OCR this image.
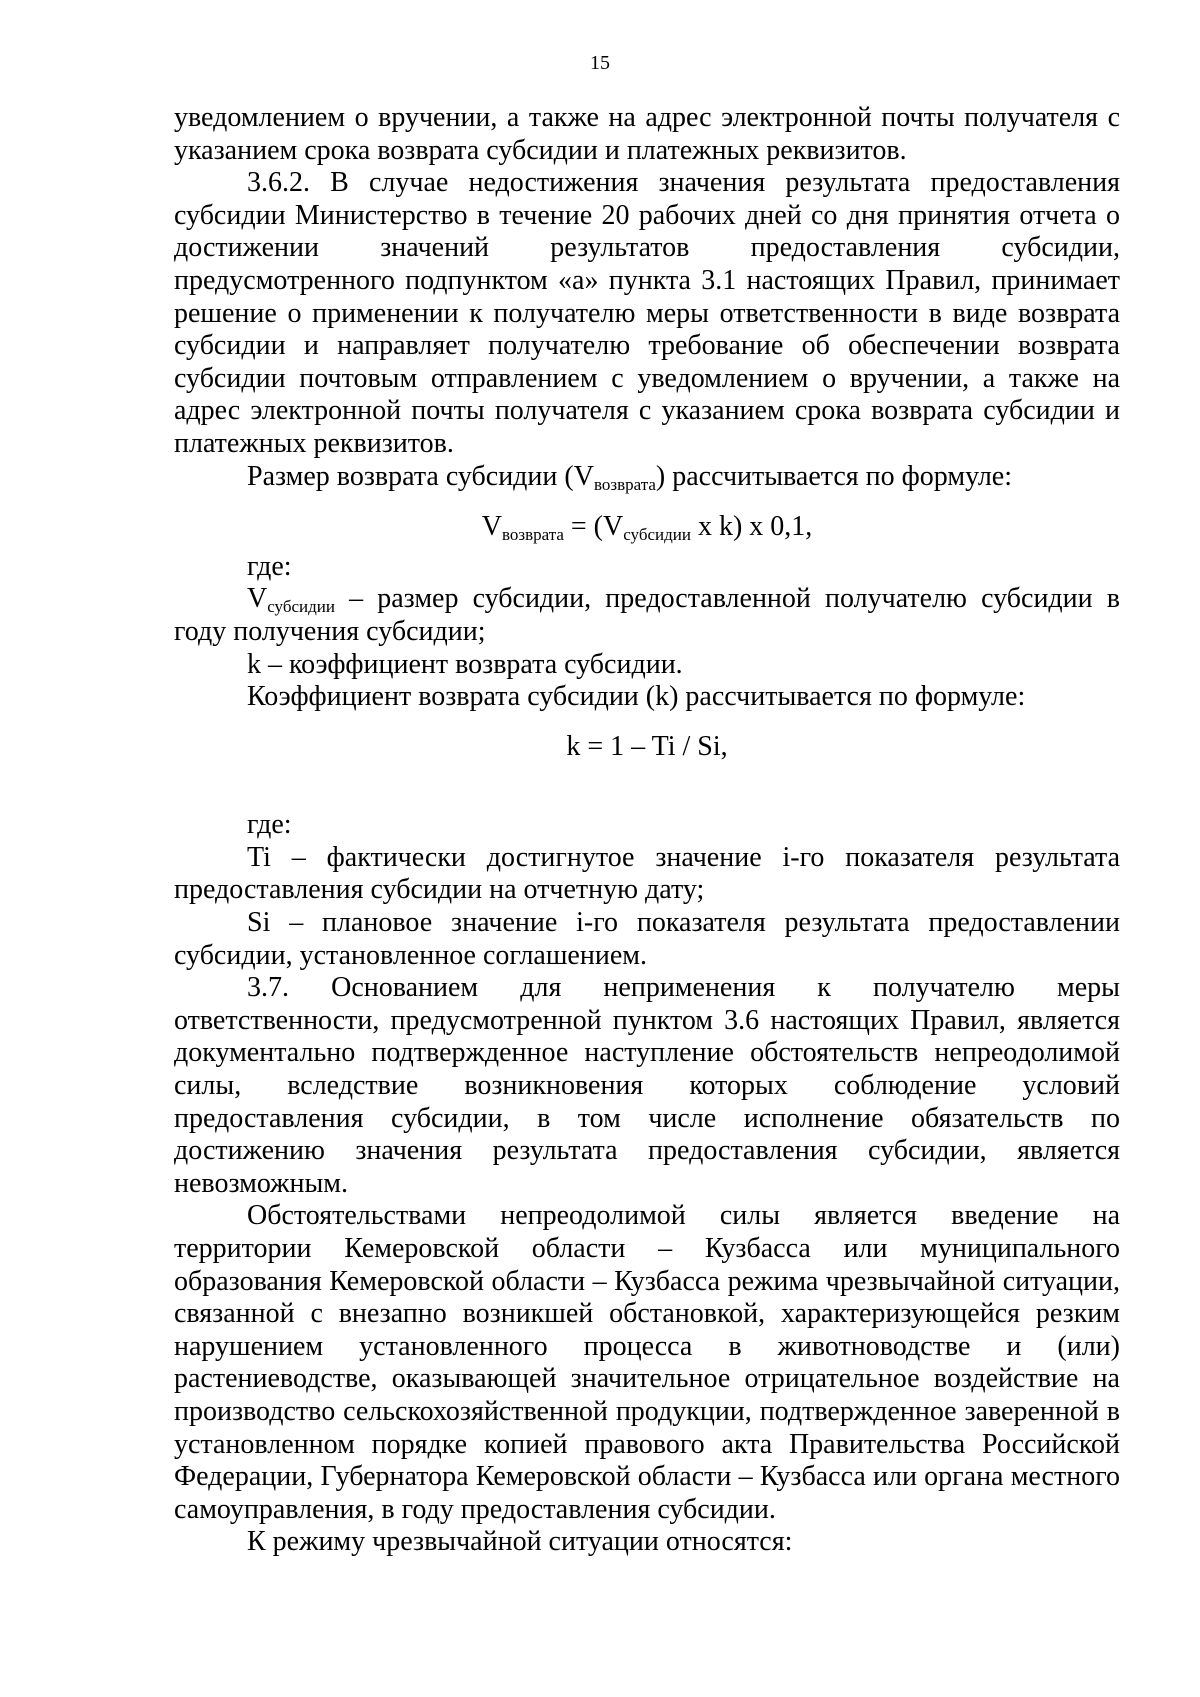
15

уведомлением о вручении, а также на адрес электронной почты получателя с указанием срока возврата субсидии и платежных реквизитов.

3.6.2. В случае недостижения значения результата предоставления субсидии Министерство в течение 20 рабочих дней со дня принятия отчета о достижении значений результатов предоставления субсидии, предусмотренного подпунктом «а» пункта 3.1 настоящих Правил, принимает решение о применении к получателю меры ответственности в виде возврата субсидии и направляет получателю требование об обеспечении возврата субсидии почтовым отправлением с уведомлением о вручении, а также на адрес электронной почты получателя с указанием срока возврата субсидии и платежных реквизитов.

Размер возврата субсидии $(V_{возврата})$ рассчитывается по формуле:

$V_{возврата} = (V_{субсидии}$ x k) x 0,1,

где:

$V_{субсидии}$ – размер субсидии, предоставленной получателю субсидии в году получения субсидии;

k – коэффициент возврата субсидии.

Коэффициент возврата субсидии (k) рассчитывается по формуле:

k = 1 – Ti / Si,

где:

Ti – фактически достигнутое значение i-го показателя результата предоставления субсидии на отчетную дату;

Si – плановое значение i-го показателя результата предоставлении субсидии, установленное соглашением.

3.7. Основанием для неприменения к получателю меры ответственности, предусмотренной пунктом 3.6 настоящих Правил, является документально подтвержденное наступление обстоятельств непреодолимой силы, вследствие возникновения которых соблюдение условий предоставления субсидии, в том числе исполнение обязательств по достижению значения результата предоставления субсидии, является невозможным.

Обстоятельствами непреодолимой силы является введение на территории Кемеровской области – Кузбасса или муниципального образования Кемеровской области – Кузбасса режима чрезвычайной ситуации, связанной с внезапно возникшей обстановкой, характеризующейся резким нарушением установленного процесса в животноводстве и (или) растениеводстве, оказывающей значительное отрицательное воздействие на производство сельскохозяйственной продукции, подтвержденное заверенной в установленном порядке копией правового акта Правительства Российской Федерации, Губернатора Кемеровской области – Кузбасса или органа местного самоуправления, в году предоставления субсидии.

К режиму чрезвычайной ситуации относятся:
